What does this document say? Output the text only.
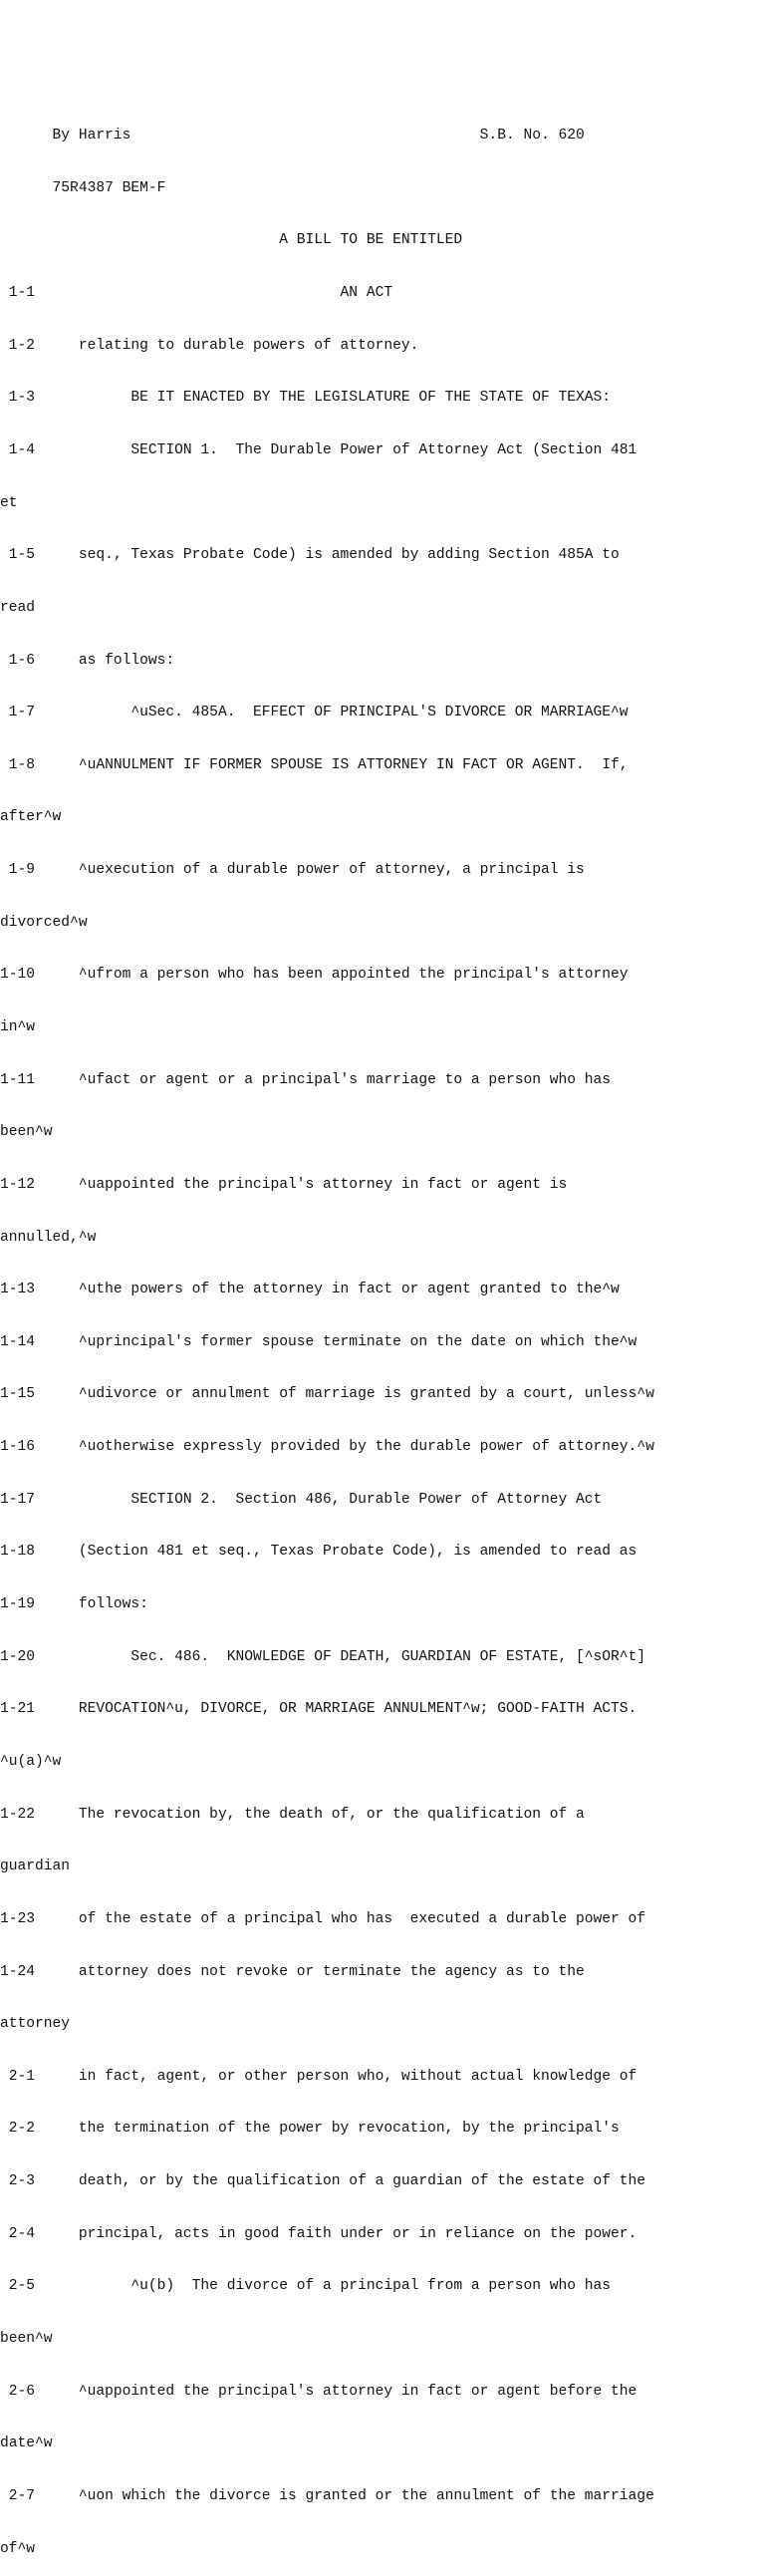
By Harris                                        S.B. No. 620

75R4387 BEM-F

A BILL TO BE ENTITLED

1-1                                   AN ACT

1-2     relating to durable powers of attorney.

1-3           BE IT ENACTED BY THE LEGISLATURE OF THE STATE OF TEXAS:

1-4           SECTION 1.  The Durable Power of Attorney Act (Section 481

et

1-5     seq., Texas Probate Code) is amended by adding Section 485A to

read

1-6     as follows:

1-7           ^uSec. 485A.  EFFECT OF PRINCIPAL'S DIVORCE OR MARRIAGE^w

1-8     ^uANNULMENT IF FORMER SPOUSE IS ATTORNEY IN FACT OR AGENT.  If,

after^w

1-9     ^uexecution of a durable power of attorney, a principal is

divorced^w

1-10     ^ufrom a person who has been appointed the principal's attorney

in^w

1-11     ^ufact or agent or a principal's marriage to a person who has

been^w

1-12     ^uappointed the principal's attorney in fact or agent is

annulled,^w

1-13     ^uthe powers of the attorney in fact or agent granted to the^w

1-14     ^uprincipal's former spouse terminate on the date on which the^w

1-15     ^udivorce or annulment of marriage is granted by a court, unless^w

1-16     ^uotherwise expressly provided by the durable power of attorney.^w

1-17           SECTION 2.  Section 486, Durable Power of Attorney Act

1-18     (Section 481 et seq., Texas Probate Code), is amended to read as

1-19     follows:

1-20           Sec. 486.  KNOWLEDGE OF DEATH, GUARDIAN OF ESTATE, [^sOR^t]

1-21     REVOCATION^u, DIVORCE, OR MARRIAGE ANNULMENT^w; GOOD-FAITH ACTS.

^u(a)^w

1-22     The revocation by, the death of, or the qualification of a

guardian

1-23     of the estate of a principal who has  executed a durable power of

1-24     attorney does not revoke or terminate the agency as to the

attorney

2-1     in fact, agent, or other person who, without actual knowledge of

2-2     the termination of the power by revocation, by the principal's

2-3     death, or by the qualification of a guardian of the estate of the

2-4     principal, acts in good faith under or in reliance on the power.

2-5           ^u(b)  The divorce of a principal from a person who has

been^w

2-6     ^uappointed the principal's attorney in fact or agent before the

date^w

2-7     ^uon which the divorce is granted or the annulment of the marriage

of^w
